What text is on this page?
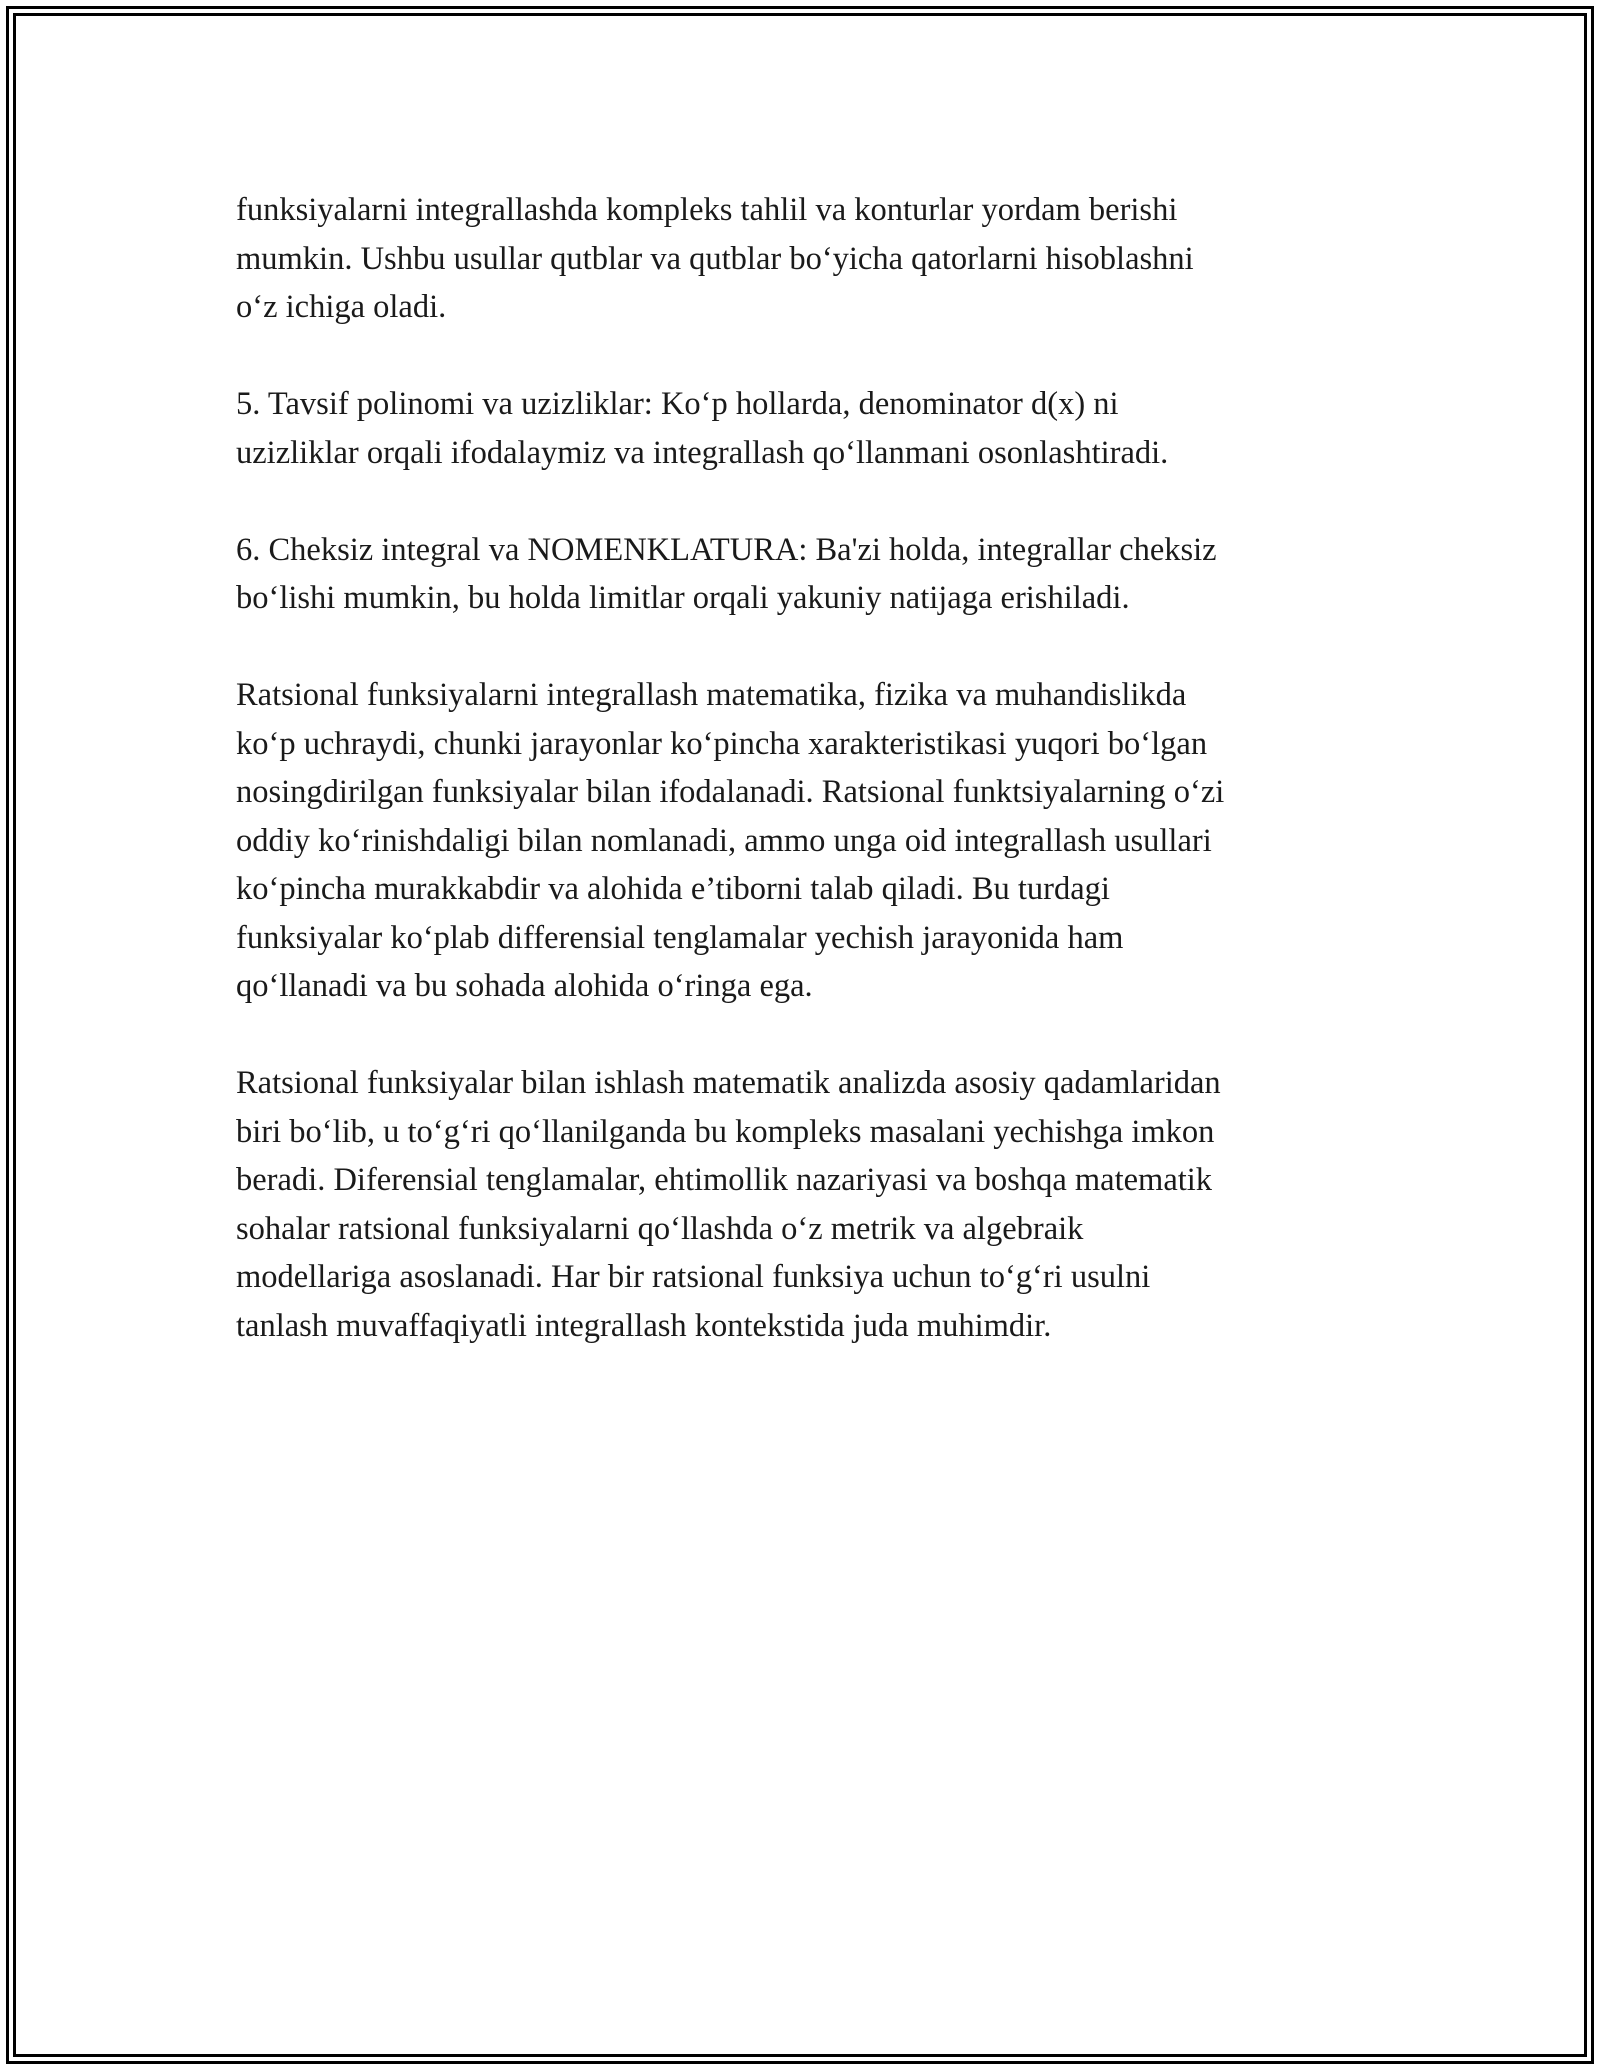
funksiyalarni integrallashda kompleks tahlil va konturlar yordam berishi
mumkin. Ushbu usullar qutblar va qutblar bo‘yicha qatorlarni hisoblashni
o‘z ichiga oladi.

5. Tavsif polinomi va uzizliklar: Ko‘p hollarda, denominator d(x) ni
uzizliklar orqali ifodalaymiz va integrallash qo‘llanmani osonlashtiradi.

6. Cheksiz integral va NOMENKLATURA: Ba'zi holda, integrallar cheksiz
bo‘lishi mumkin, bu holda limitlar orqali yakuniy natijaga erishiladi.

Ratsional funksiyalarni integrallash matematika, fizika va muhandislikda
ko‘p uchraydi, chunki jarayonlar ko‘pincha xarakteristikasi yuqori bo‘lgan
nosingdirilgan funksiyalar bilan ifodalanadi. Ratsional funktsiyalarning o‘zi
oddiy ko‘rinishdaligi bilan nomlanadi, ammo unga oid integrallash usullari
ko‘pincha murakkabdir va alohida e’tiborni talab qiladi. Bu turdagi
funksiyalar ko‘plab differensial tenglamalar yechish jarayonida ham
qo‘llanadi va bu sohada alohida o‘ringa ega.

Ratsional funksiyalar bilan ishlash matematik analizda asosiy qadamlaridan
biri bo‘lib, u to‘g‘ri qo‘llanilganda bu kompleks masalani yechishga imkon
beradi. Diferensial tenglamalar, ehtimollik nazariyasi va boshqa matematik
sohalar ratsional funksiyalarni qo‘llashda o‘z metrik va algebraik
modellariga asoslanadi. Har bir ratsional funksiya uchun to‘g‘ri usulni
tanlash muvaffaqiyatli integrallash kontekstida juda muhimdir.
